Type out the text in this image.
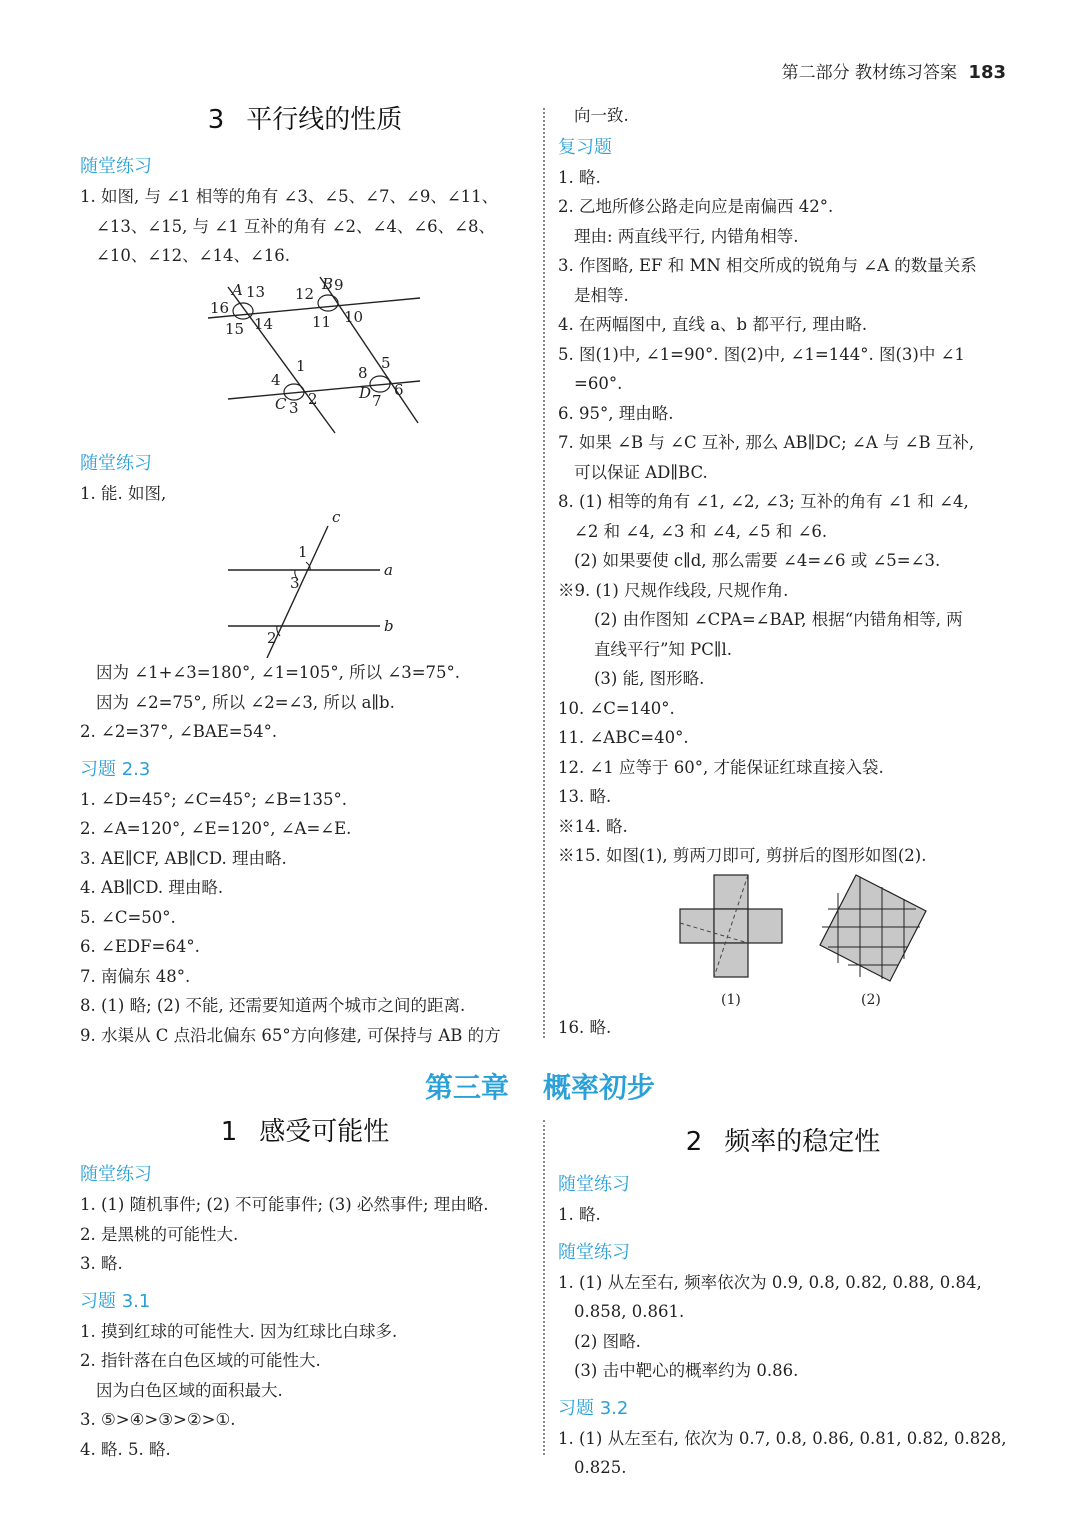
第二部分 教材练习答案 183
3 平行线的性质
随堂练习
1. 如图, 与 ∠1 相等的角有 ∠3、∠5、∠7、∠9、∠11、
∠13、∠15, 与 ∠1 互补的角有 ∠2、∠4、∠6、∠8、
∠10、∠12、∠14、∠16.
A 13
16
15 14
B
12 9
11 10
1
4
C 3 2
5
8
D 6
7
随堂练习
1. 能. 如图,
c
1
a
3
2
b
因为 ∠1+∠3=180°, ∠1=105°, 所以 ∠3=75°.
因为 ∠2=75°, 所以 ∠2=∠3, 所以 a∥b.
2. ∠2=37°, ∠BAE=54°.
习题 2.3
1. ∠D=45°; ∠C=45°; ∠B=135°.
2. ∠A=120°, ∠E=120°, ∠A=∠E.
3. AE∥CF, AB∥CD. 理由略.
4. AB∥CD. 理由略.
5. ∠C=50°.
6. ∠EDF=64°.
7. 南偏东 48°.
8. (1) 略; (2) 不能, 还需要知道两个城市之间的距离.
9. 水渠从 C 点沿北偏东 65°方向修建, 可保持与 AB 的方
向一致.
复习题
1. 略.
2. 乙地所修公路走向应是南偏西 42°.
理由: 两直线平行, 内错角相等.
3. 作图略, EF 和 MN 相交所成的锐角与 ∠A 的数量关系
是相等.
4. 在两幅图中, 直线 a、b 都平行, 理由略.
5. 图(1)中, ∠1=90°. 图(2)中, ∠1=144°. 图(3)中 ∠1
=60°.
6. 95°, 理由略.
7. 如果 ∠B 与 ∠C 互补, 那么 AB∥DC; ∠A 与 ∠B 互补,
可以保证 AD∥BC.
8. (1) 相等的角有 ∠1, ∠2, ∠3; 互补的角有 ∠1 和 ∠4,
∠2 和 ∠4, ∠3 和 ∠4, ∠5 和 ∠6.
(2) 如果要使 c∥d, 那么需要 ∠4=∠6 或 ∠5=∠3.
※9. (1) 尺规作线段, 尺规作角.
(2) 由作图知 ∠CPA=∠BAP, 根据“内错角相等, 两
直线平行”知 PC∥l.
(3) 能, 图形略.
10. ∠C=140°.
11. ∠ABC=40°.
12. ∠1 应等于 60°, 才能保证红球直接入袋.
13. 略.
※14. 略.
※15. 如图(1), 剪两刀即可, 剪拼后的图形如图(2).
(1)	(2)
16. 略.
第三章 概率初步
1 感受可能性
随堂练习
1. (1) 随机事件; (2) 不可能事件; (3) 必然事件; 理由略.
2. 是黑桃的可能性大.
3. 略.
习题 3.1
1. 摸到红球的可能性大. 因为红球比白球多.
2. 指针落在白色区域的可能性大.
因为白色区域的面积最大.
3. ⑤>④>③>②>①.
4. 略. 5. 略.
2 频率的稳定性
随堂练习
1. 略.
随堂练习
1. (1) 从左至右, 频率依次为 0.9, 0.8, 0.82, 0.88, 0.84,
0.858, 0.861.
(2) 图略.
(3) 击中靶心的概率约为 0.86.
习题 3.2
1. (1) 从左至右, 依次为 0.7, 0.8, 0.86, 0.81, 0.82, 0.828,
0.825.
